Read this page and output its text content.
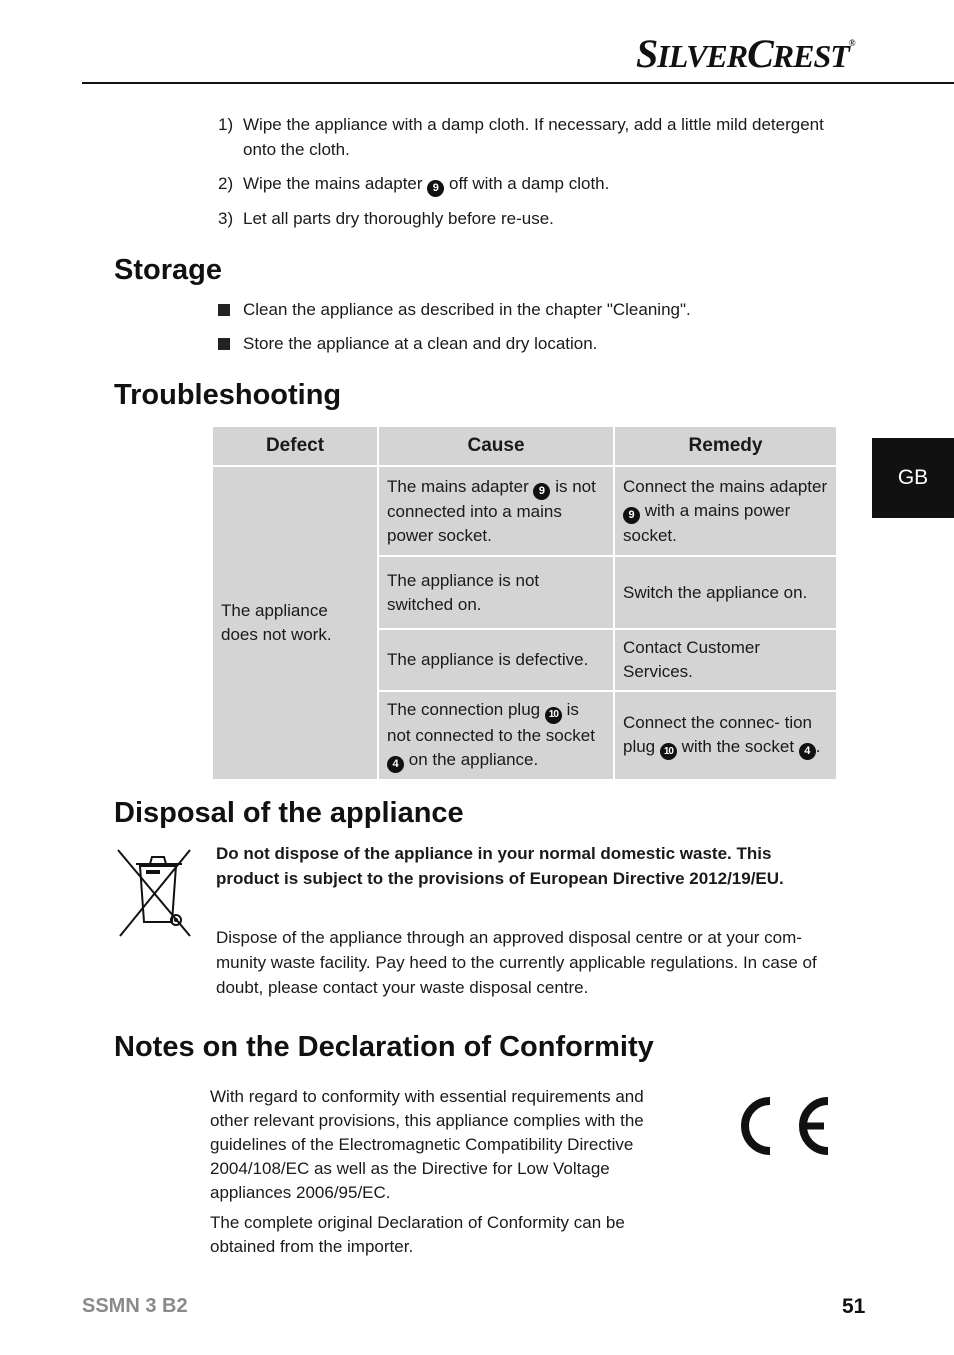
SILVERCREST®
GB
1) Wipe the appliance with a damp cloth. If necessary, add a little mild detergent onto the cloth.
2) Wipe the mains adapter 9 off with a damp cloth.
3) Let all parts dry thoroughly before re-use.
Storage
Clean the appliance as described in the chapter "Cleaning".
Store the appliance at a clean and dry location.
Troubleshooting
Defect	Cause	Remedy
The appliance does not work.	The mains adapter 9 is not connected into a mains power socket.	Connect the mains adapter 9 with a mains power socket.
	The appliance is not switched on.	Switch the appliance on.
	The appliance is defective.	Contact Customer Services.
	The connection plug 10 is not connected to the socket 4 on the appliance.	Connect the connec- tion plug 10 with the socket 4 .
Disposal of the appliance
Do not dispose of the appliance in your normal domestic waste. This product is subject to the provisions of European Directive 2012/19/EU.
Dispose of the appliance through an approved disposal centre or at your com- munity waste facility. Pay heed to the currently applicable regulations. In case of doubt, please contact your waste disposal centre.
Notes on the Declaration of Conformity
With regard to conformity with essential requirements and other relevant provisions, this appliance complies with the guidelines of the Electromagnetic Compatibility Directive 2004/108/EC as well as the Directive for Low Voltage appliances 2006/95/EC.
The complete original Declaration of Conformity can be obtained from the importer.
SSMN 3 B2	51
